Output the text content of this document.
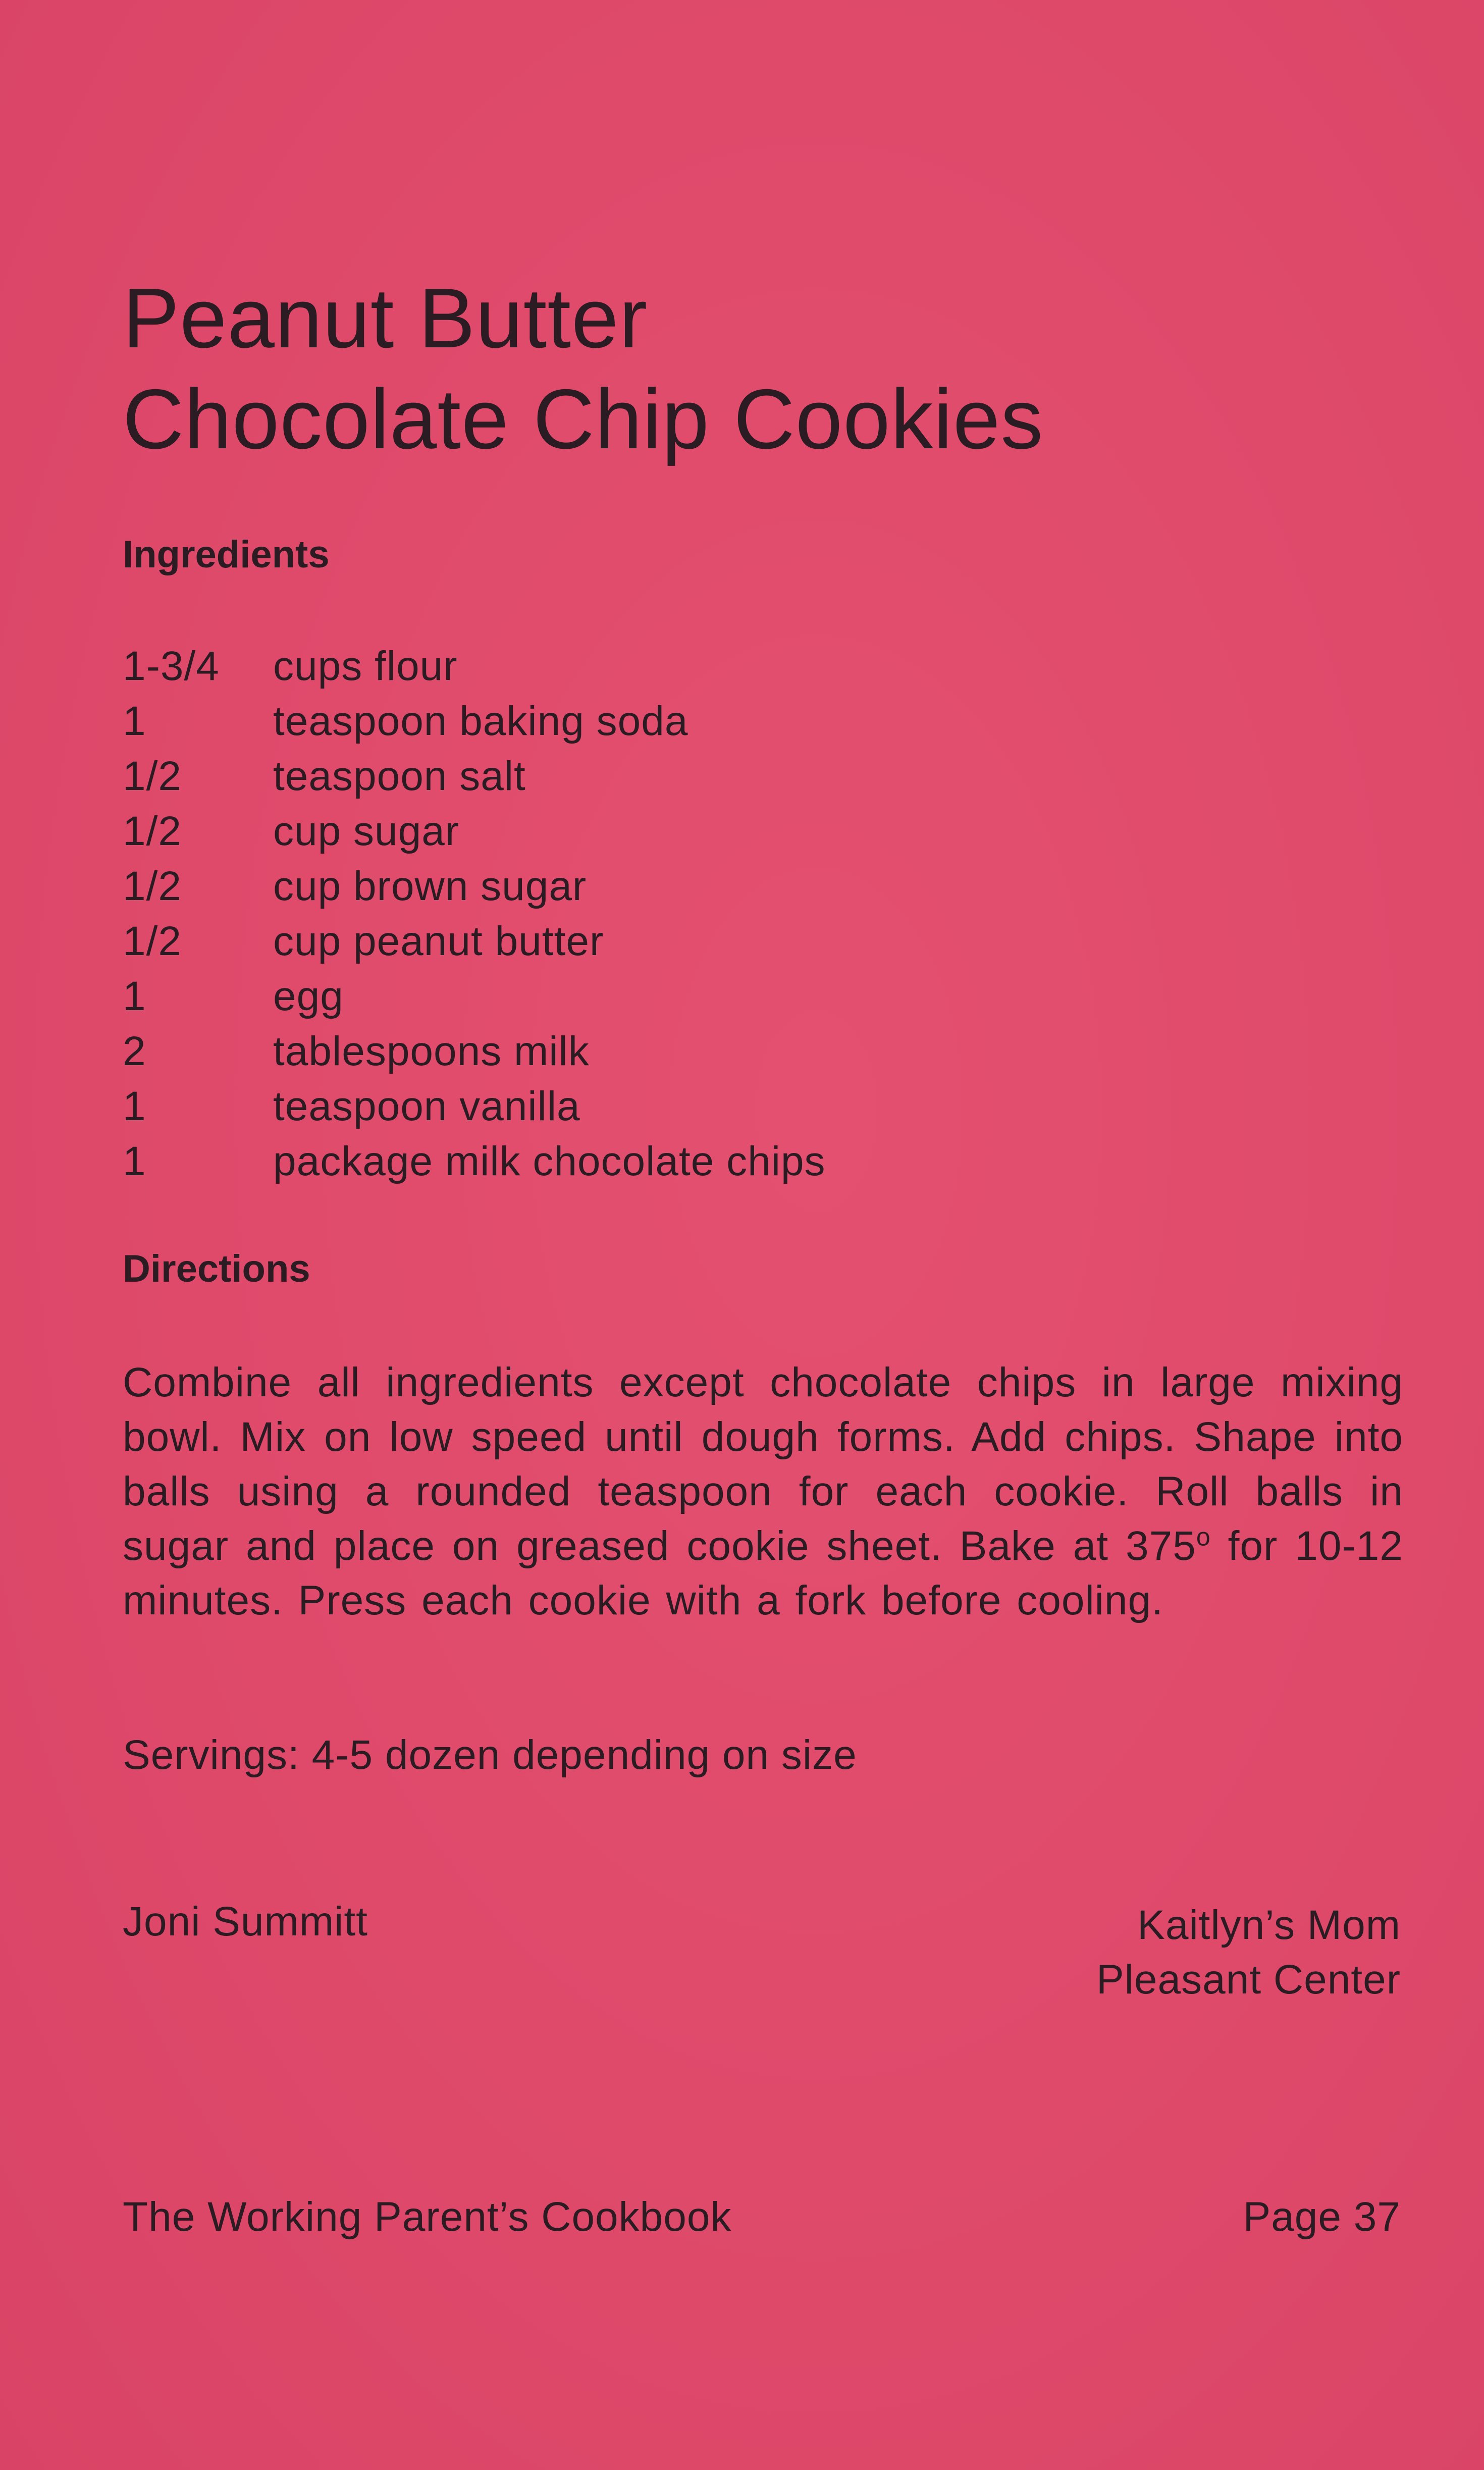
Peanut Butter
Chocolate Chip Cookies
Ingredients
1-3/4	cups flour
1	teaspoon baking soda
1/2	teaspoon salt
1/2	cup sugar
1/2	cup brown sugar
1/2	cup peanut butter
1	egg
2	tablespoons milk
1	teaspoon vanilla
1	package milk chocolate chips
Directions

Combine all ingredients except chocolate chips in large mixing bowl. Mix on low speed until dough forms. Add chips. Shape into balls using a rounded teaspoon for each cookie. Roll balls in sugar and place on greased cookie sheet. Bake at 375$^o$ for 10-12 minutes. Press each cookie with a fork before cooling.

Servings: 4-5 dozen depending on size

Joni Summitt	Kaitlyn’s Mom
Pleasant Center
The Working Parent’s Cookbook	Page 37
